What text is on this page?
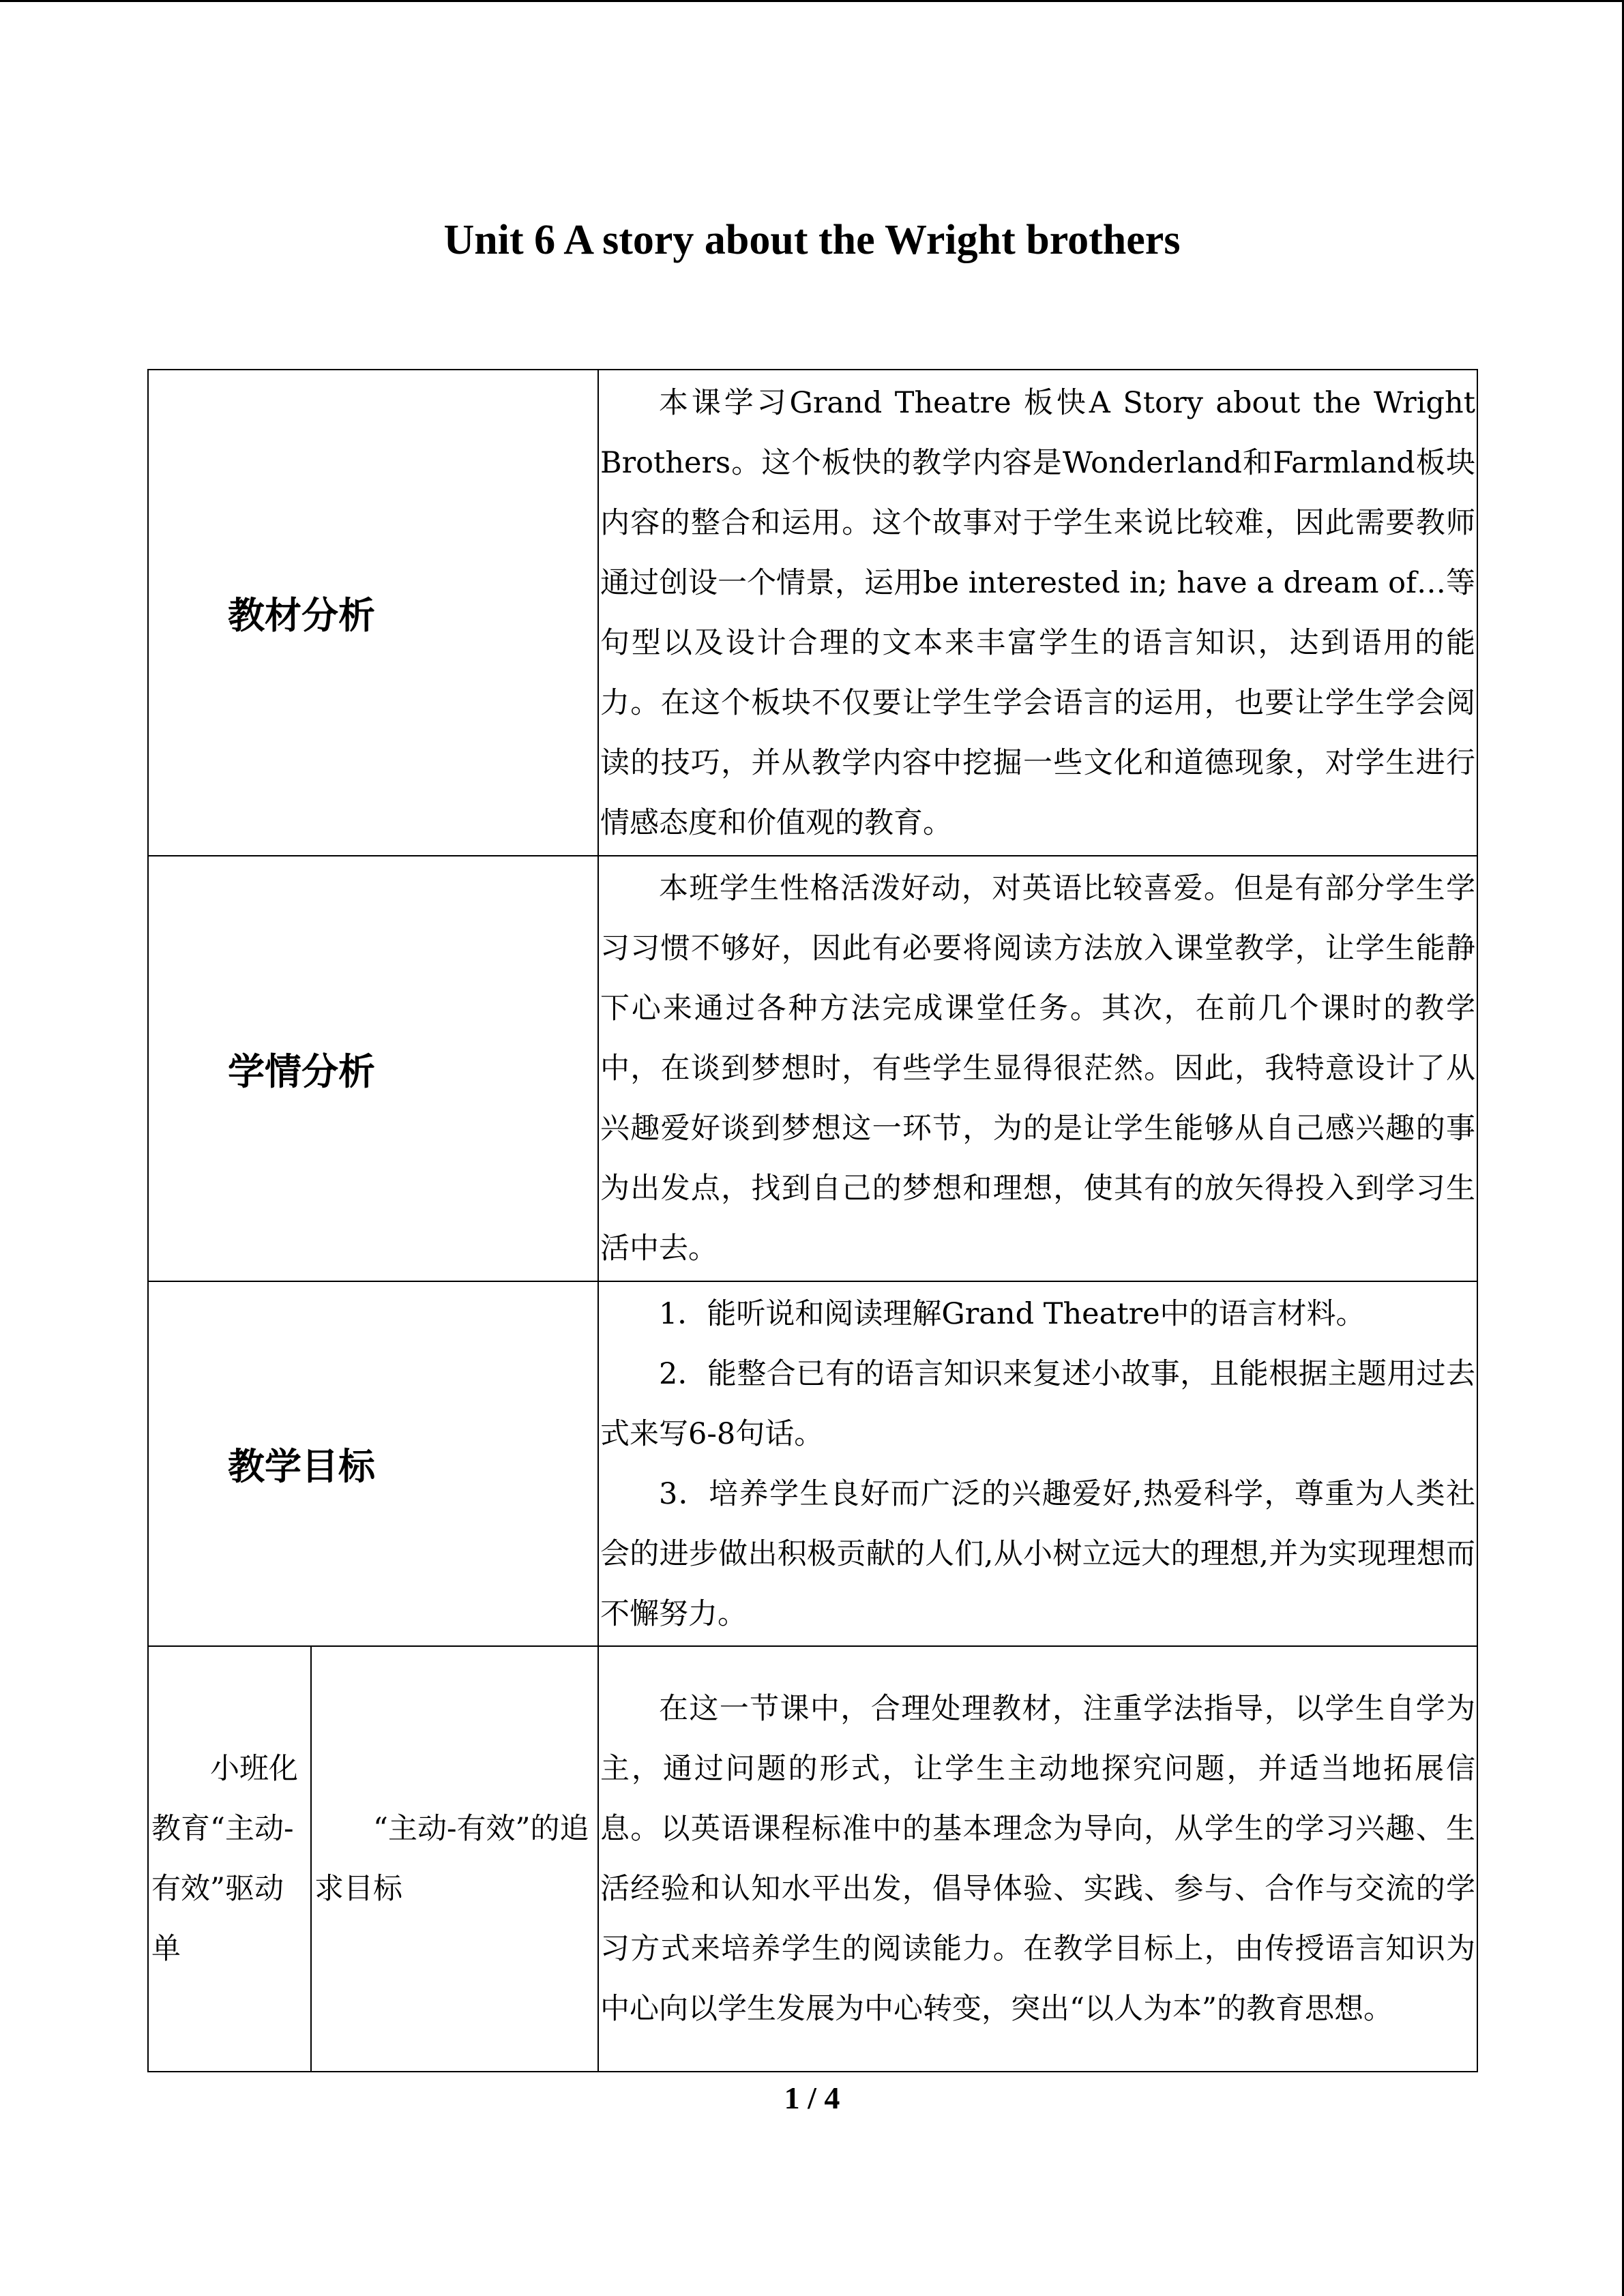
Unit 6 A story about the Wright brothers
教材分析		本课学习Grand Theatre 板快A Story about the Wright Brothers。这个板快的教学内容是Wonderland和Farmland板块内容的整合和运用。这个故事对于学生来说比较难，因此需要教师通过创设一个情景，运用be interested in; have a dream of…等句型以及设计合理的文本来丰富学生的语言知识，达到语用的能力。在这个板块不仅要让学生学会语言的运用，也要让学生学会阅读的技巧，并从教学内容中挖掘一些文化和道德现象，对学生进行情感态度和价值观的教育。

学情分析		本班学生性格活泼好动，对英语比较喜爱。但是有部分学生学习习惯不够好，因此有必要将阅读方法放入课堂教学，让学生能静下心来通过各种方法完成课堂任务。其次，在前几个课时的教学中，在谈到梦想时，有些学生显得很茫然。因此，我特意设计了从兴趣爱好谈到梦想这一环节，为的是让学生能够从自己感兴趣的事为出发点，找到自己的梦想和理想，使其有的放矢得投入到学习生活中去。

教学目标		1．能听说和阅读理解Grand Theatre中的语言材料。

2．能整合已有的语言知识来复述小故事，且能根据主题用过去式来写6-8句话。

3．培养学生良好而广泛的兴趣爱好,热爱科学，尊重为人类社会的进步做出积极贡献的人们,从小树立远大的理想,并为实现理想而不懈努力。

小班化教育“主动-有效”驱动单	“主动-有效”的追求目标	在这一节课中，合理处理教材，注重学法指导，以学生自学为主，通过问题的形式，让学生主动地探究问题，并适当地拓展信息。以英语课程标准中的基本理念为导向，从学生的学习兴趣、生活经验和认知水平出发，倡导体验、实践、参与、合作与交流的学习方式来培养学生的阅读能力。在教学目标上，由传授语言知识为中心向以学生发展为中心转变，突出“以人为本”的教育思想。

1 / 4
